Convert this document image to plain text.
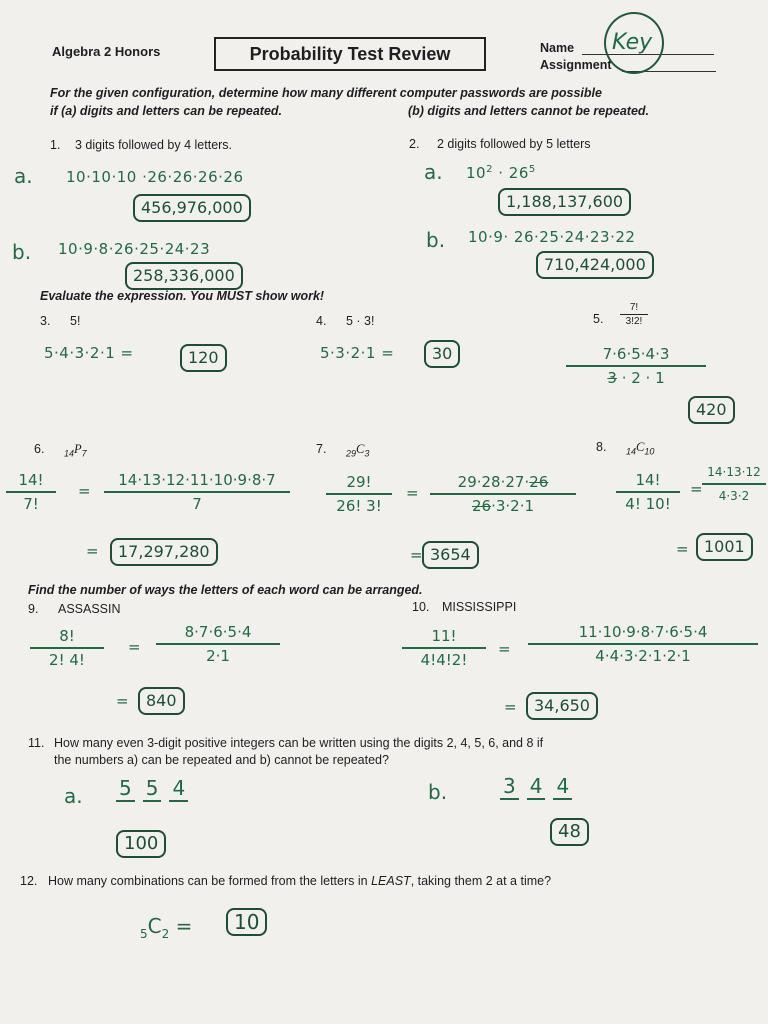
Algebra 2 Honors	Probability Test Review	Name
Assignment
Key
For the given configuration, determine how many different computer passwords are possible
if (a) digits and letters can be repeated.	(b) digits and letters cannot be repeated.
1. 3 digits followed by 4 letters.	2. 2 digits followed by 5 letters
a. 10·10·10 ·26·26·26·26
456,976,000
b. 10·9·8·26·25·24·23
258,336,000
a. $10^2 \cdot 26^5$
1,188,137,600
b. 10·9· 26·25·24·23·22
710,424,000
Evaluate the expression. You MUST show work!
3. 5!
5·4·3·2·1 =	120
4. 5 · 3!
5·3·2·1 =	30
5.
7!
3!2!
7·6·5·4·3
3 · 2 · 1
420
6. $_{14}P_7$
14!
7!
=
14·13·12·11·10·9·8·7
7
=	17,297,280
7. $_{29}C_3$
29!
26! 3!
=
29·28·27·26
26·3·2·1
= 3654
8. $_{14}C_{10}$
14!
4! 10!
=
14·13·12
4·3·2
= 1001
Find the number of ways the letters of each word can be arranged.
9. ASSASSIN
8!
2! 4!
=
8·7·6·5·4
2·1
=	840
10. MISSISSIPPI
11!
4!4!2!
=
11·10·9·8·7·6·5·4
4·4·3·2·1·2·1
=	34,650
11. How many even 3-digit positive integers can be written using the digits 2, 4, 5, 6, and 8 if
the numbers a) can be repeated and b) cannot be repeated?
a. 5 5 4
100
b.	3 4 4
48
12. How many combinations can be formed from the letters in LEAST, taking them 2 at a time?
$_5C_2$ =	10
